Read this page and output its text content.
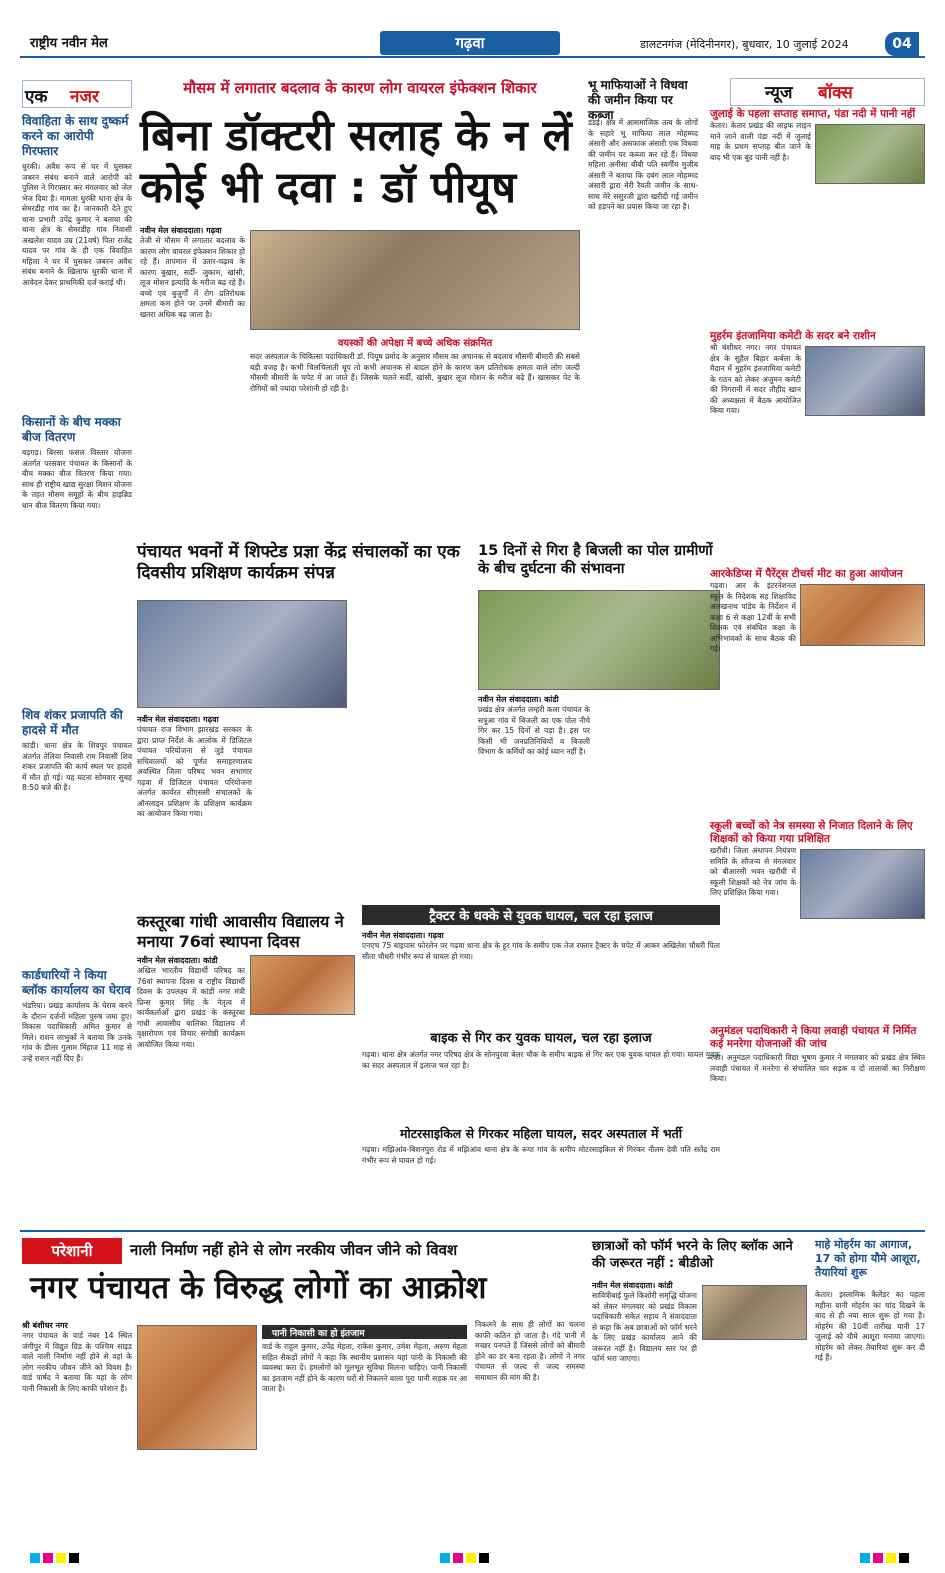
राष्ट्रीय नवीन मेल	गढ़वा	डालटनगंज (मेदिनीनगर), बुधवार, 10 जुलाई 2024	04
एक नजर
विवाहिता के साथ दुष्कर्म करने का आरोपी गिरफ्तार
धुरकी। अवैध रूप से घर में घुसकर जबरन संबंध बनाने वाले आरोपी को पुलिस ने गिरफ्तार कर मंगलवार को जेल भेज दिया है। मामला धुरकी थाना क्षेत्र के सेमरडीह गांव का है। जानकारी देते हुए थाना प्रभारी उपेंद्र कुमार ने बताया की थाना क्षेत्र के सेमरडीह गांव निवासी अखलेश यादव उम्र (21वर्ष) पिता राजेंद्र यादव पर गांव के ही एक विवाहित महिला ने घर में घुसकर जबरन अवैध संबंध बनाने के खिलाफ धुरकी थाना में आवेदन देकर प्राथमिकी दर्ज कराई थी।
किसानों के बीच मक्का बीज वितरण
बड़गड़। बिरसा फसल विस्तार योजना अंतर्गत परसवार पंचायत के किसानों के बीच मक्का बीज वितरण किया गया। साथ ही राष्ट्रीय खाद्य सुरक्षा मिशन योजना के तहत मौसम समूहों के बीच हाइब्रिड धान बीज वितरण किया गया।
शिव शंकर प्रजापति की हादसे में मौत
कांडी। थाना क्षेत्र के शिवपुर पंचायत अंतर्गत तेलिया निवासी राम निवासी शिव शंकर प्रजापति की कार्य स्थल पर हादसे में मौत हो गई। यह घटना सोमवार सुबह 8:50 बजे की है।
कार्डधारियों ने किया ब्लॉक कार्यालय का घेराव
भंडरिया। प्रखंड कार्यालय के घेराव करने के दौरान दर्जनों महिला पुरुष जमा हुए। विकास पदाधिकारी अमित कुमार से मिले। राशन लाभुकों ने बताया कि उनके गांव के डीलर गुलाम मिंहाज 11 माह से उन्हें राशन नहीं दिए हैं।
मौसम में लगातार बदलाव के कारण लोग वायरल इंफेक्शन शिकार
बिना डॉक्टरी सलाह के न लें कोई भी दवा : डॉ पीयूष
नवीन मेल संवाददाता। गढ़वा
तेजी से मौसम में लगातार बदलाव के कारण लोग वायरल इंफेक्शन शिकार हो रहे हैं। तापमान में उतार-चढ़ाव के कारण बुखार, सर्दी- जुकाम, खांसी, लूज मोशन इत्यादि के मरीज बढ़ रहे हैं। बच्चे एवं बुजुर्गों में रोग प्रतिरोधक क्षमता कम होने पर उनमें बीमारी का खतरा अधिक बढ़ जाता है।
वयस्कों की अपेक्षा में बच्चे अधिक संक्रमित
सदर अस्पताल के चिकित्सा पदाधिकारी डॉ. पियूष प्रमोद के अनुसार मौसम का अचानक से बदलाव मौसमी बीमारी की सबसे बड़ी वजह है। कभी चिलचिलाती धूप तो कभी अचानक से बादल होने के कारण कम प्रतिरोधक क्षमता वाले लोग जल्दी मौसमी बीमारी के चपेट में आ जाते हैं। जिसके चलते सर्दी, खांसी, बुखार लूज मोशन के मरीज बढ़े हैं। खासकर पेट के रोगियों को ज्यादा परेशानी हो रही है।
भू माफियाओं ने विधवा की जमीन किया पर कब्जा
डंडई। क्षेत्र में आसमाजिक तत्व के लोगों के सहारे भू माफिया लाल मोहम्मद अंसारी और असफाक अंसारी एक विधवा की जमीन पर कब्जा कर रहे हैं। विधवा महिला अनीसा बीबी पति स्वर्गीय मुजीब अंसारी ने बताया कि दबंग लाल मोहम्मद अंसारी द्वारा मेरी रैयती जमीन के साथ-साथ मेरे ससुरजी द्वारा खरीदी गई जमीन को हड़पने का प्रयास किया जा रहा है।
पंचायत भवनों में शिफ्टेड प्रज्ञा केंद्र संचालकों का एक दिवसीय प्रशिक्षण कार्यक्रम संपन्न
नवीन मेल संवाददाता। गढ़वा
पंचायत राज विभाग झारखंड सरकार के द्वारा प्राप्त निर्देश के आलोक में डिजिटल पंचायत परियोजना से जुड़े पंचायत सचिवालयों को पूर्णत समाहरणालय अवस्थित जिला परिषद भवन सभागार गढ़वा में डिजिटल पंचायत परियोजना अंतर्गत कार्यरत सीएससी संचालकों के ऑनलाइन प्रशिक्षण के प्रशिक्षण कार्यक्रम का आयोजन किया गया।
15 दिनों से गिरा है बिजली का पोल ग्रामीणों के बीच दुर्घटना की संभावना
नवीन मेल संवाददाता। कांडी
प्रखंड क्षेत्र अंतर्गत लम्हरी कला पंचायत के सत्रूआ गांव में बिजली का एक पोल नीचे गिर कर 15 दिनों से पड़ा है। इस पर किसी भी जनप्रतिनिधियों व बिजली विभाग के कर्मियों का कोई ध्यान नहीं है।
कस्तूरबा गांधी आवासीय विद्यालय ने मनाया 76वां स्थापना दिवस
नवीन मेल संवाददाता। कांडी
अखिल भारतीय विद्यार्थी परिषद का 76वां स्थापना दिवस व राष्ट्रीय विद्यार्थी दिवस के उपलक्ष्य में कांडी नगर मंत्री प्रिन्स कुमार सिंह के नेतृत्व में कार्यकर्ताओं द्वारा प्रखंड के कस्तूरबा गांधी आवासीय बालिका विद्यालय में वृक्षारोपण एवं विचार संगोष्ठी कार्यक्रम आयोजित किया गया।
ट्रैक्टर के धक्के से युवक घायल, चल रहा इलाज
नवीन मेल संवाददाता। गढ़वा
एनएच 75 बाइपास फोरलेन पर गढ़वा थाना क्षेत्र के हूर गांव के समीप एक तेज रफ्तार ट्रैक्टर के चपेट में आकर अखिलेश चौधरी पिता सीता चौधरी गंभीर रूप से घायल हो गया।
बाइक से गिर कर युवक घायल, चल रहा इलाज
गढ़वा। थाना क्षेत्र अंतर्गत नगर परिषद क्षेत्र के सोनपुरवा बेलर चौक के समीप बाइक से गिर कर एक युवक घायल हो गया। घायल युवक का सदर अस्पताल में इलाज चल रहा है।
मोटरसाइकिल से गिरकर महिला घायल, सदर अस्पताल में भर्ती
गढ़वा। मझिआंव-बिशनपुरा रोड में मझिआंव थाना क्षेत्र के रूपा गांव के समीप मोटरसाइकिल से गिरकर नीलम देवी पति सतेंद्र राम गंभीर रूप से घायल हो गई।
न्यूज बॉक्स
जुलाई के पहला सप्ताह समाप्त, पंडा नदी में पानी नहीं
केतार। केतार प्रखंड की लाइफ लाइन माने जाने वाली पंडा नदी में जुलाई माह के प्रथम सप्ताह बीत जाने के बाद भी एक बूंद पानी नहीं है।
मुहर्रम इंतजामिया कमेटी के सदर बने राशीन
श्री बंशीधर नगर। नगर पंचायत क्षेत्र के सुहैल बिहार कर्बला के मैदान में मुहर्रम इंतजामिया कमेटी के गठन को लेकर अंजुमन कमेटी की निगरानी में सदर तौहीद खान की अध्यक्षता में बैठक आयोजित किया गया।
आरकेडिप्स में पैरेंट्स टीचर्स मीट का हुआ आयोजन
गढ़वा। आर के इंटरनेशनल स्कूल के निदेशक सह शिक्षाविद अलखनाथ पांडेय के निर्देशन में कक्षा 6 से कक्षा 12वीं के सभी शिक्षक एवं संबंधित कक्षा के अभिभावकों के साथ बैठक की गई।
स्कूली बच्चों को नेत्र समस्या से निजात दिलाने के लिए शिक्षकों को किया गया प्रशिक्षित
खरौंधी। जिला अंधापन नियंत्रण समिति के सौजन्य से मंगलवार को बीआरसी भवन खरौंधी में स्कूली शिक्षकों को नेत्र जांच के लिए प्रशिक्षित किया गया।
अनुमंडल पदाधिकारी ने किया लवाही पंचायत में निर्मित कई मनरेगा योजनाओं की जांच
रंका। अनुमंडल पदाधिकारी विद्या भूषण कुमार ने मंगलवार को प्रखंड क्षेत्र स्थित लवाही पंचायत में मनरेगा से संचालित चार सड़क व दो तालाबों का निरीक्षण किया।
परेशानी	नाली निर्माण नहीं होने से लोग नरकीय जीवन जीने को विवश
नगर पंचायत के विरुद्ध लोगों का आक्रोश
श्री बंशीधर नगर
नगर पंचायत के वार्ड नंबर 14 स्थित जंगीपुर में विद्युत ग्रिड के पश्चिम साइड वाले नाली निर्माण नहीं होने से वहां के लोग नरकीय जीवन जीने को विवश है। वार्ड पार्षद ने बताया कि यहां के लोग पानी निकासी के लिए काफी परेशान हैं।
पानी निकासी का हो इंतजाम
वार्ड के राहुल कुमार, उपेंद्र मेहता, राकेश कुमार, उमेश मेहता, अरुण मेहता सहित सैकड़ों लोगों ने कहा कि स्थानीय प्रशासन यहां पानी के निकासी की व्यवस्था करा दें। हमलोगों को मूलभूत सुविधा मिलना चाहिए। पानी निकासी का इंतजाम नहीं होने के कारण घरों से निकलने वाला पूरा पानी सड़क पर आ जाता है।
निकलने के साथ ही लोगों का चलना काफी कठिन हो जाता है। गंदे पानी में मच्छर पनपते हैं जिससे लोगों को बीमारी होने का डर बना रहता है। लोगों ने नगर पंचायत से जल्द से जल्द समस्या समाधान की मांग की है।
छात्राओं को फॉर्म भरने के लिए ब्लॉक आने की जरूरत नहीं : बीडीओ
नवीन मेल संवाददाता। कांडी
सावित्रीबाई फुले किशोरी समृद्धि योजना को लेकर मंगलवार को प्रखंड विकास पदाधिकारी संकेत सहाय ने संवाददाता से कहा कि अब छात्राओं को फॉर्म भरने के लिए प्रखंड कार्यालय आने की जरूरत नहीं है। विद्यालय स्तर पर ही फॉर्म भरा जाएगा।
माहे मोहर्रम का आगाज, 17 को होगा यौमे आशूरा, तैयारियां शुरू
केतार। इस्लामिक कैलेंडर का पहला महीना यानी मोहर्रम का चांद दिखने के बाद से ही नया साल शुरू हो गया है। मोहर्रम की 10वीं तारीख यानी 17 जुलाई को यौमे आशूरा मनाया जाएगा। मोहर्रम को लेकर तैयारियां शुरू कर दी गई हैं।
